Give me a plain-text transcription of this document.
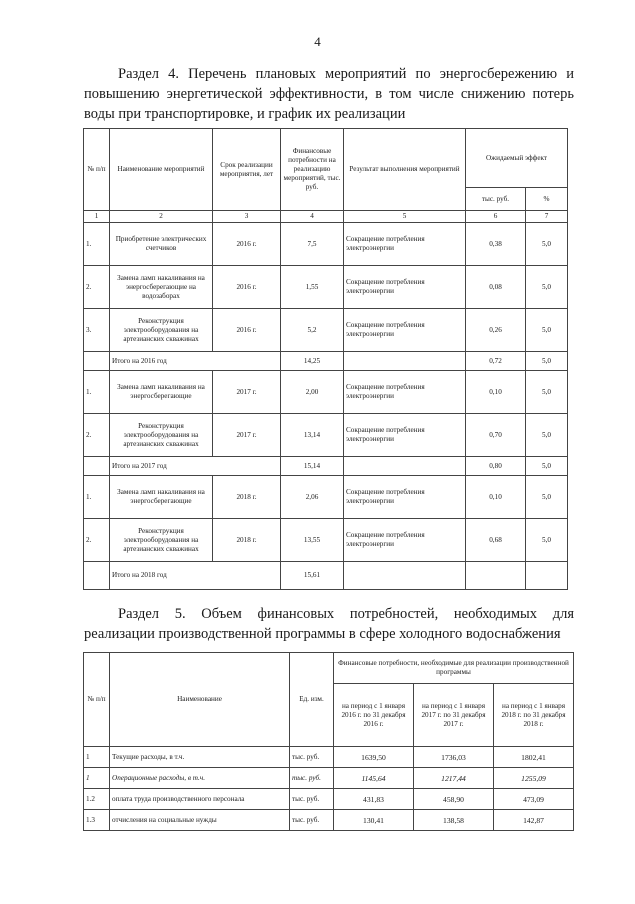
4
Раздел 4. Перечень плановых мероприятий по энергосбережению и повышению энергетической эффективности, в том числе снижению потерь воды при транспортировке, и график их реализации
№ п/п	Наименование мероприятий	Срок реализации мероприятия, лет	Финансовые потребности на реализацию мероприятий, тыс. руб.	Результат выполнения мероприятий	Ожидаемый эффект	
					тыс. руб.	%
1	2	3	4	5	6	7
1.	Приобретение электрических счетчиков	2016 г.	7,5	Сокращение потребления электроэнергии	0,38	5,0
2.	Замена ламп накаливания на энергосберегающие на водозаборах	2016 г.	1,55	Сокращение потребления электроэнергии	0,08	5,0
3.	Реконструкция электрооборудования на артезианских скважинах	2016 г.	5,2	Сокращение потребления электроэнергии	0,26	5,0
	Итого на 2016 год		14,25		0,72	5,0
1.	Замена ламп накаливания на энергосберегающие	2017 г.	2,00	Сокращение потребления электроэнергии	0,10	5,0
2.	Реконструкция электрооборудования на артезианских скважинах	2017 г.	13,14	Сокращение потребления электроэнергии	0,70	5,0
	Итого на 2017 год		15,14		0,80	5,0
1.	Замена ламп накаливания на энергосберегающие	2018 г.	2,06	Сокращение потребления электроэнергии	0,10	5,0
2.	Реконструкция электрооборудования на артезианских скважинах	2018 г.	13,55	Сокращение потребления электроэнергии	0,68	5,0
	Итого на 2018 год		15,61			
Раздел 5. Объем финансовых потребностей, необходимых для реализации производственной программы в сфере холодного водоснабжения
№ п/п	Наименование	Ед. изм.	Финансовые потребности, необходимые для реализации производственной программы		
			на период с 1 января 2016 г. по 31 декабря 2016 г.	на период с 1 января 2017 г. по 31 декабря 2017 г.	на период с 1 января 2018 г. по 31 декабря 2018 г.
1	Текущие расходы, в т.ч.	тыс. руб.	1639,50	1736,03	1802,41
1	Операционные расходы, в т.ч.	тыс. руб.	1145,64	1217,44	1255,09
1.2	оплата труда производственного персонала	тыс. руб.	431,83	458,90	473,09
1.3	отчисления на социальные нужды	тыс. руб.	130,41	138,58	142,87
